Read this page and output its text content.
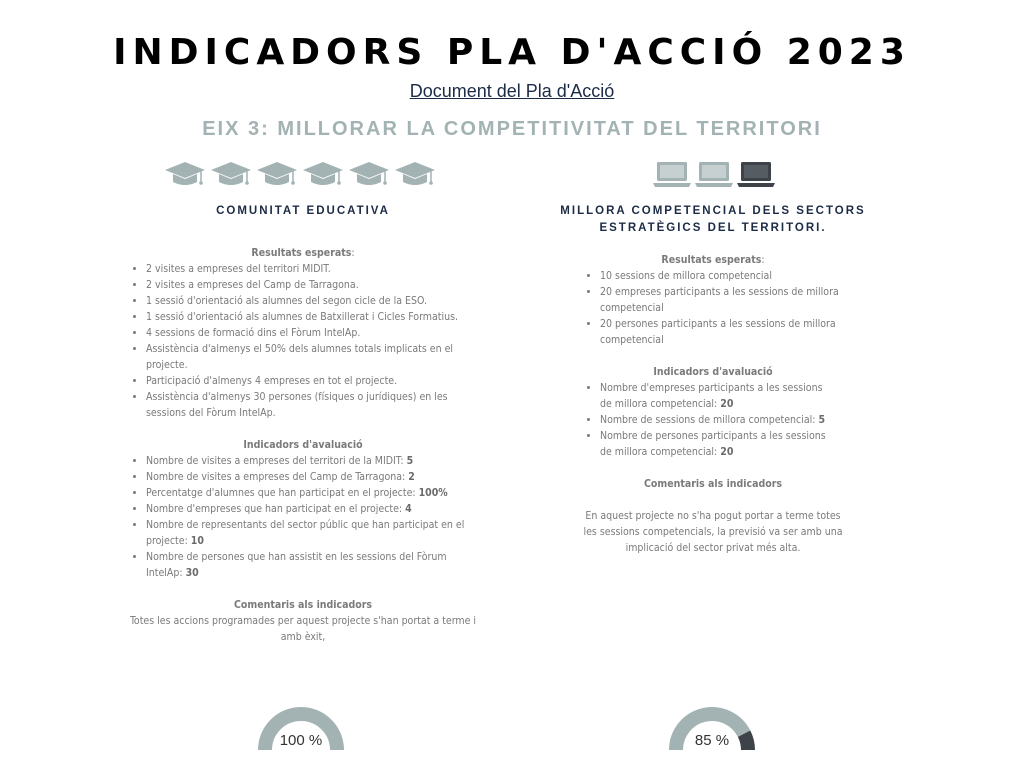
INDICADORS PLA D'ACCIÓ 2023
Document del Pla d'Acció
EIX 3: MILLORAR LA COMPETITIVITAT DEL TERRITORI
COMUNITAT EDUCATIVA
Resultats esperats:
• 2 visites a empreses del territori MIDIT.
• 2 visites a empreses del Camp de Tarragona.
• 1 sessió d'orientació als alumnes del segon cicle de la ESO.
• 1 sessió d'orientació als alumnes de Batxillerat i Cicles Formatius.
• 4 sessions de formació dins el Fòrum IntelAp.
• Assistència d'almenys el 50% dels alumnes totals implicats en el projecte.
• Participació d'almenys 4 empreses en tot el projecte.
• Assistència d'almenys 30 persones (físiques o jurídiques) en les sessions del Fòrum IntelAp.
Indicadors d'avaluació
• Nombre de visites a empreses del territori de la MIDIT: 5
• Nombre de visites a empreses del Camp de Tarragona: 2
• Percentatge d'alumnes que han participat en el projecte: 100%
• Nombre d'empreses que han participat en el projecte: 4
• Nombre de representants del sector públic que han participat en el projecte: 10
• Nombre de persones que han assistit en les sessions del Fòrum IntelAp: 30
Comentaris als indicadors

Totes les accions programades per aquest projecte s'han portat a terme i amb èxit,

MILLORA COMPETENCIAL DELS SECTORS ESTRATÈGICS DEL TERRITORI.
Resultats esperats:
• 10 sessions de millora competencial
• 20 empreses participants a les sessions de millora competencial
• 20 persones participants a les sessions de millora competencial
Indicadors d'avaluació
• Nombre d'empreses participants a les sessions de millora competencial: 20
• Nombre de sessions de millora competencial: 5
• Nombre de persones participants a les sessions de millora competencial: 20
Comentaris als indicadors

En aquest projecte no s'ha pogut portar a terme totes les sessions competencials, la previsió va ser amb una implicació del sector privat més alta.

100 %	85 %
